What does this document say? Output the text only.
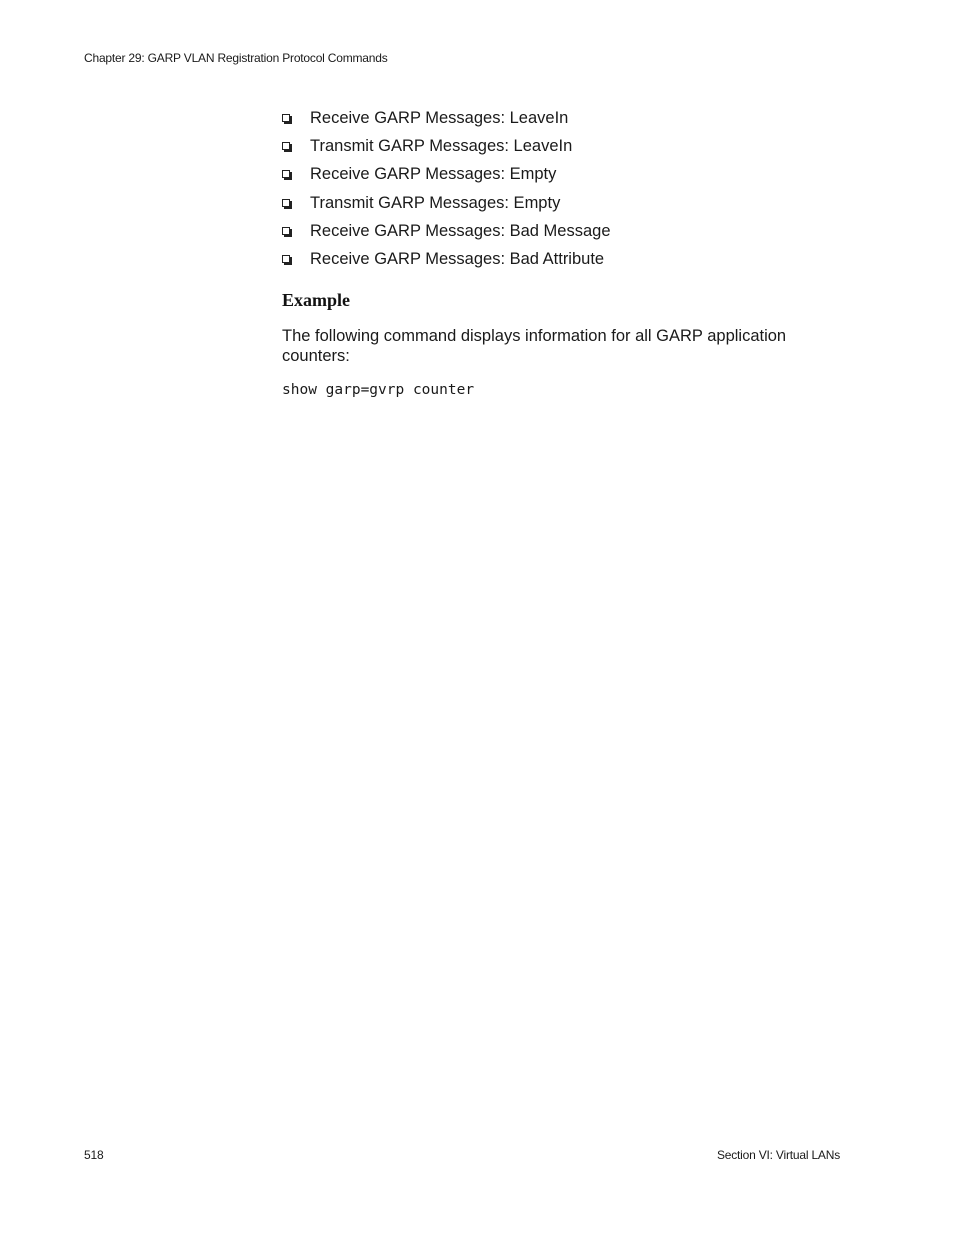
Chapter 29: GARP VLAN Registration Protocol Commands
Receive GARP Messages: LeaveIn
Transmit GARP Messages: LeaveIn
Receive GARP Messages: Empty
Transmit GARP Messages: Empty
Receive GARP Messages: Bad Message
Receive GARP Messages: Bad Attribute
Example

The following command displays information for all GARP application counters:

show garp=gvrp counter
518	Section VI: Virtual LANs
